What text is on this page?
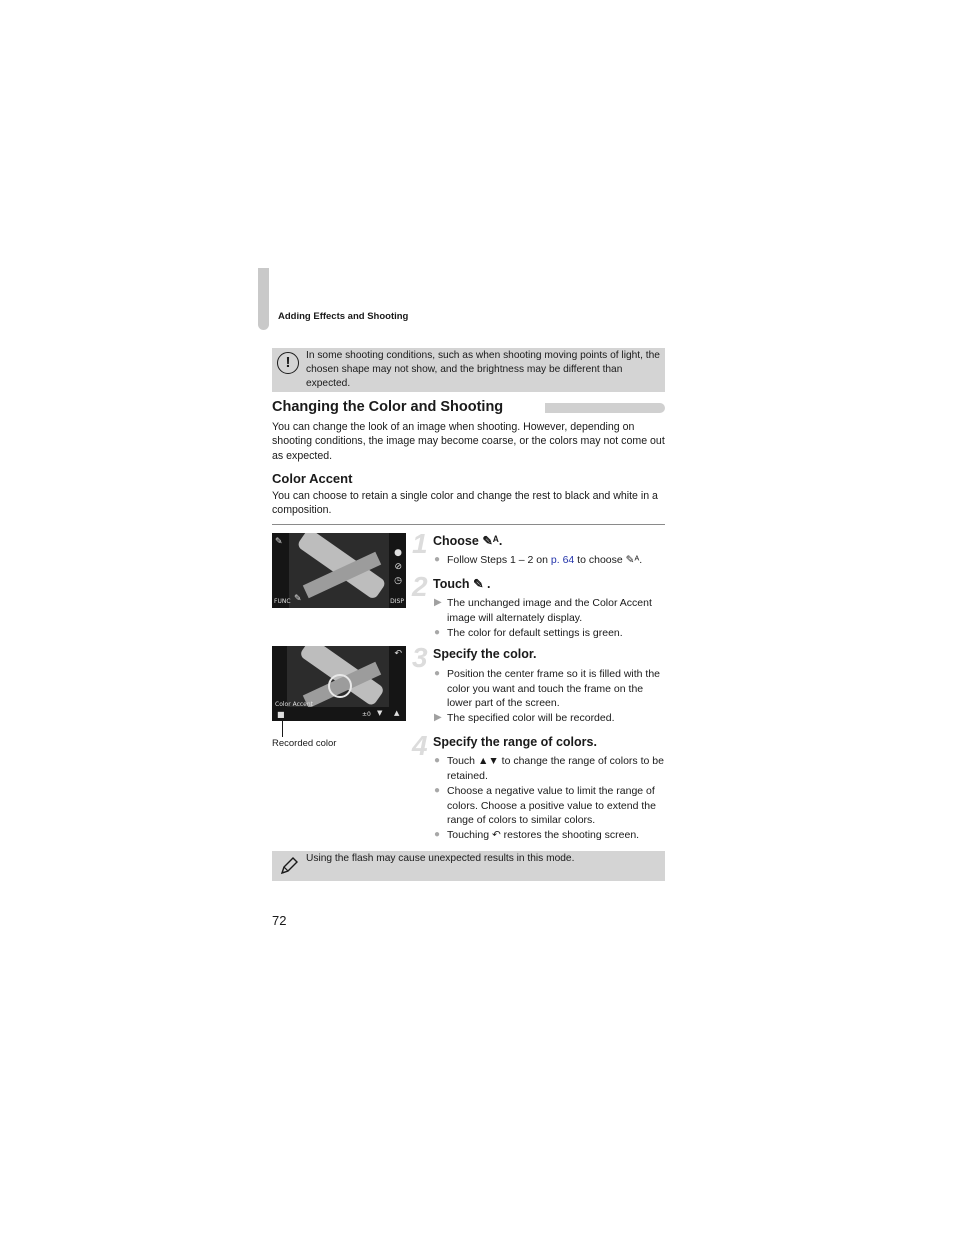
Adding Effects and Shooting
!	In some shooting conditions, such as when shooting moving points of light, the chosen shape may not show, and the brightness may be different than expected.
Changing the Color and Shooting
You can change the look of an image when shooting. However, depending on shooting conditions, the image may become coarse, or the colors may not come out as expected.
Color Accent
You can choose to retain a single color and change the rest to black and white in a composition.
✎
●
⊘
◷
✎
FUNC	DISP
↶
Color Accent
±0 ▼ ▲
■
Recorded color
1 Choose ✎ᴬ.
● Follow Steps 1 – 2 on p. 64 to choose ✎ᴬ.
2 Touch ✎ .
▶ The unchanged image and the Color Accent image will alternately display.
● The color for default settings is green.
3 Specify the color.
● Position the center frame so it is filled with the color you want and touch the frame on the lower part of the screen.
▶ The specified color will be recorded.
4 Specify the range of colors.
● Touch ▲▼ to change the range of colors to be retained.
● Choose a negative value to limit the range of colors. Choose a positive value to extend the range of colors to similar colors.
● Touching ↶ restores the shooting screen.
Using the flash may cause unexpected results in this mode.
72
